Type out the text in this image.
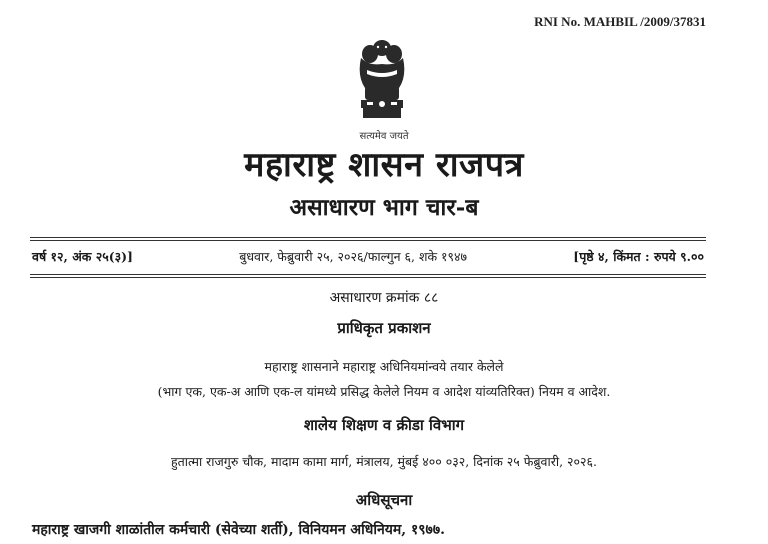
RNI No. MAHBIL /2009/37831
सत्यमेव जयते
महाराष्ट्र शासन राजपत्र
असाधारण भाग चार-ब
वर्ष १२, अंक २५(३)]	बुधवार, फेब्रुवारी २५, २०२६/फाल्गुन ६, शके १९४७	[पृष्ठे ४, किंमत : रुपये ९.००
असाधारण क्रमांक ८८
प्राधिकृत प्रकाशन
महाराष्ट्र शासनाने महाराष्ट्र अधिनियमांन्वये तयार केलेले
(भाग एक, एक-अ आणि एक-ल यांमध्ये प्रसिद्ध केलेले नियम व आदेश यांव्यतिरिक्त) नियम व आदेश.
शालेय शिक्षण व क्रीडा विभाग
हुतात्मा राजगुरु चौक, मादाम कामा मार्ग, मंत्रालय, मुंबई ४०० ०३२, दिनांक २५ फेब्रुवारी, २०२६.
अधिसूचना
महाराष्ट्र खाजगी शाळांतील कर्मचारी (सेवेच्या शर्ती), विनियमन अधिनियम, १९७७.
